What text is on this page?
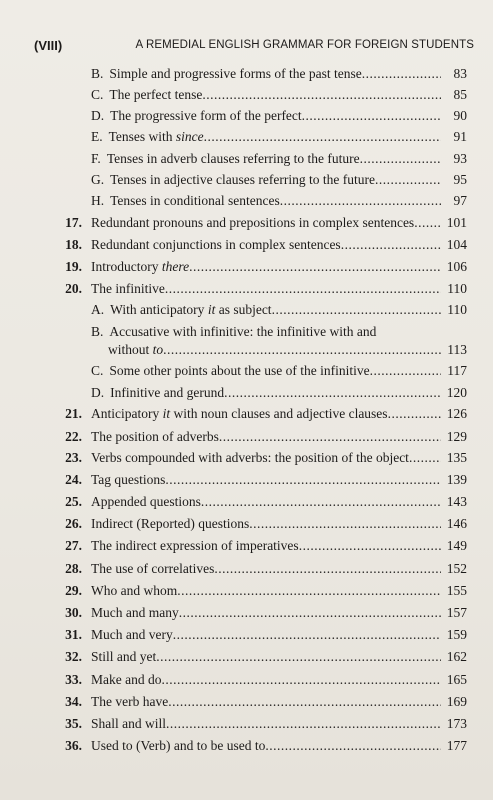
(VIII)	A REMEDIAL ENGLISH GRAMMAR FOR FOREIGN STUDENTS
B. Simple and progressive forms of the past tense .....	83
C. The perfect tense .....	85
D. The progressive form of the perfect .....	90
E. Tenses with since .....	91
F. Tenses in adverb clauses referring to the future .....	93
G. Tenses in adjective clauses referring to the future .....	95
H. Tenses in conditional sentences .....	97
17. Redundant pronouns and prepositions in complex sentences .....	101
18. Redundant conjunctions in complex sentences .....	104
19. Introductory there .....	106
20. The infinitive .....	110
A. With anticipatory it as subject .....	110
B. Accusative with infinitive: the infinitive with and
without to .....	113
C. Some other points about the use of the infinitive .....	117
D. Infinitive and gerund .....	120
21. Anticipatory it with noun clauses and adjective clauses .....	126
22. The position of adverbs .....	129
23. Verbs compounded with adverbs: the position of the object .....	135
24. Tag questions .....	139
25. Appended questions .....	143
26. Indirect (Reported) questions .....	146
27. The indirect expression of imperatives .....	149
28. The use of correlatives .....	152
29. Who and whom .....	155
30. Much and many .....	157
31. Much and very .....	159
32. Still and yet .....	162
33. Make and do .....	165
34. The verb have .....	169
35. Shall and will .....	173
36. Used to (Verb) and to be used to .....	177
